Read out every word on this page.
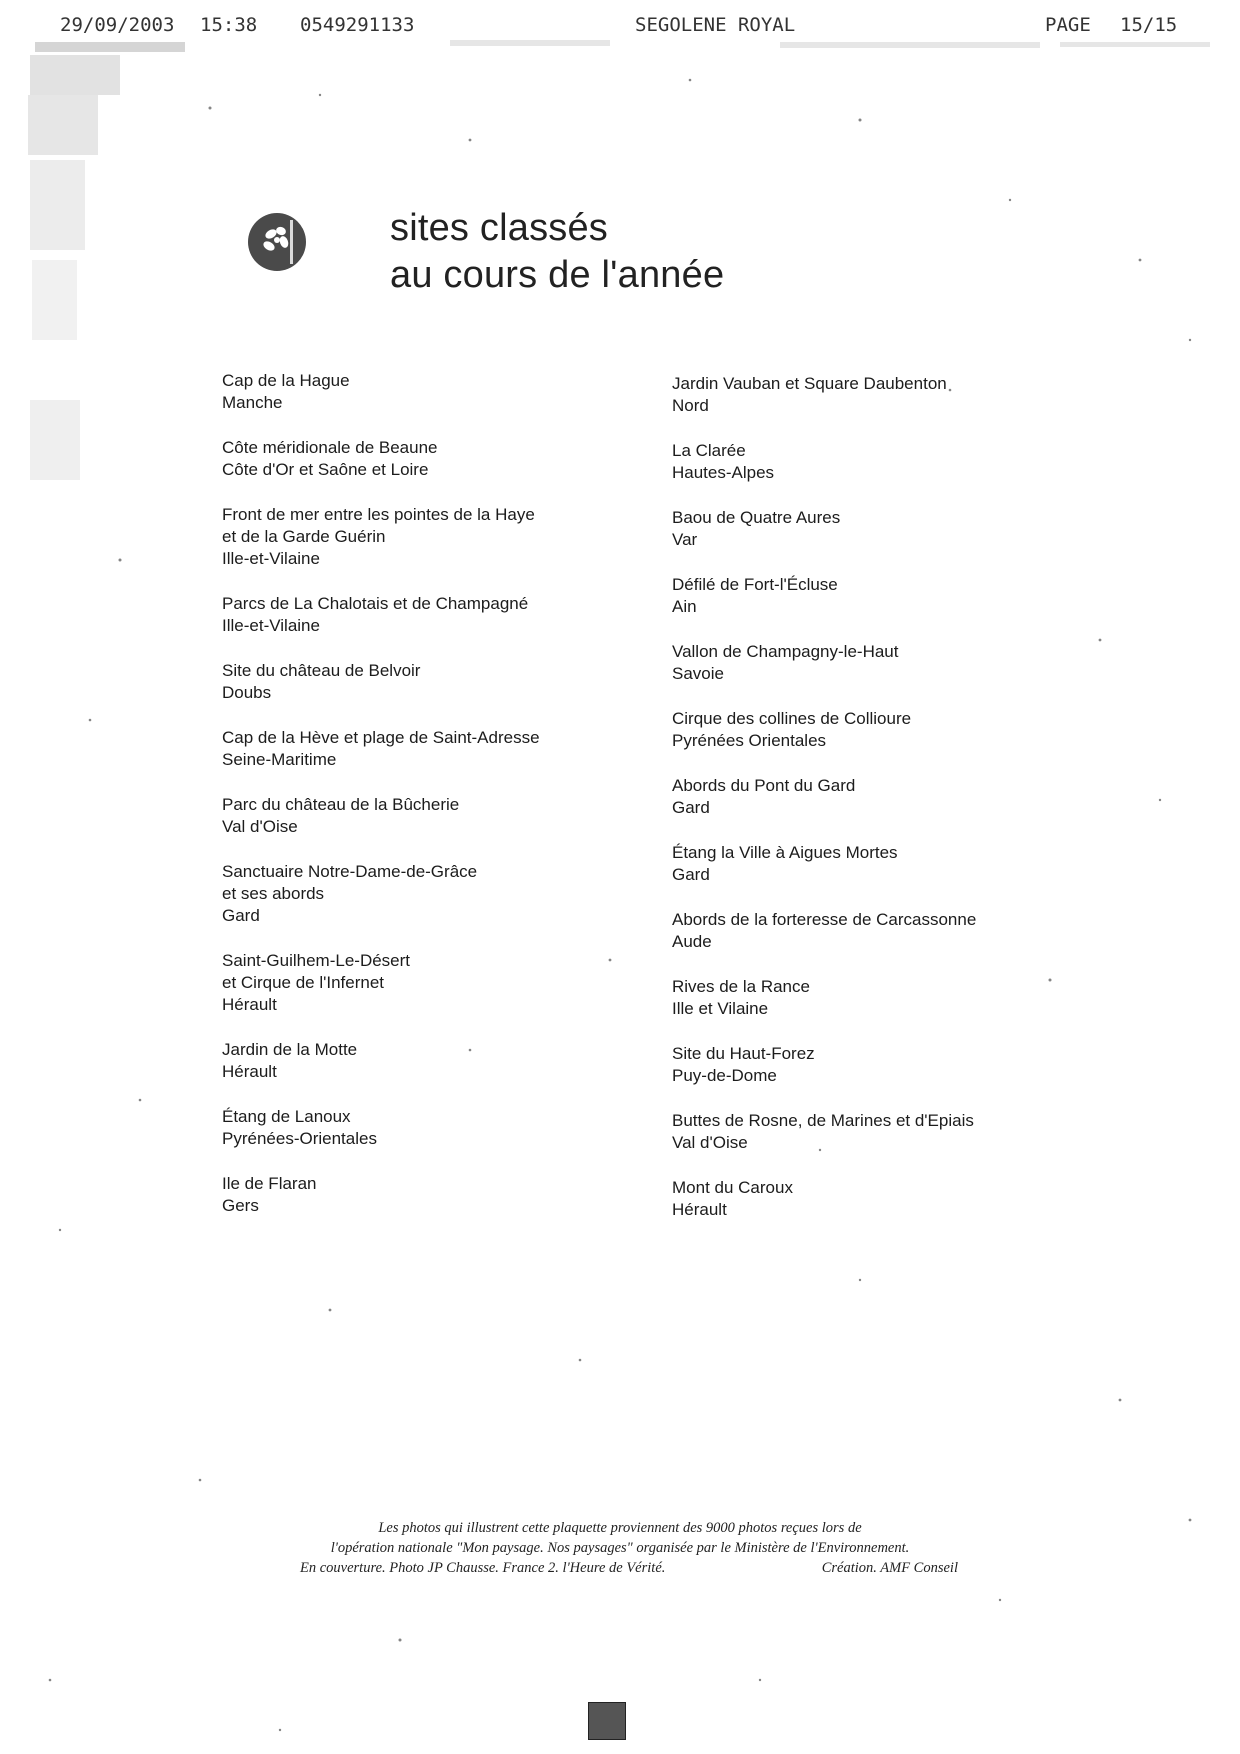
29/09/2003 15:38 0549291133	SEGOLENE ROYAL	PAGE 15/15
sites classés
au cours de l'année
Cap de la Hague
Manche
Côte méridionale de Beaune
Côte d'Or et Saône et Loire
Front de mer entre les pointes de la Haye
et de la Garde Guérin
Ille-et-Vilaine
Parcs de La Chalotais et de Champagné
Ille-et-Vilaine
Site du château de Belvoir
Doubs
Cap de la Hève et plage de Saint-Adresse
Seine-Maritime
Parc du château de la Bûcherie
Val d'Oise
Sanctuaire Notre-Dame-de-Grâce
et ses abords
Gard
Saint-Guilhem-Le-Désert
et Cirque de l'Infernet
Hérault
Jardin de la Motte
Hérault
Étang de Lanoux
Pyrénées-Orientales
Ile de Flaran
Gers
Jardin Vauban et Square Daubenton
Nord
La Clarée
Hautes-Alpes
Baou de Quatre Aures
Var
Défilé de Fort-l'Écluse
Ain
Vallon de Champagny-le-Haut
Savoie
Cirque des collines de Collioure
Pyrénées Orientales
Abords du Pont du Gard
Gard
Étang la Ville à Aigues Mortes
Gard
Abords de la forteresse de Carcassonne
Aude
Rives de la Rance
Ille et Vilaine
Site du Haut-Forez
Puy-de-Dome
Buttes de Rosne, de Marines et d'Epiais
Val d'Oise
Mont du Caroux
Hérault
Les photos qui illustrent cette plaquette proviennent des 9000 photos reçues lors de
l'opération nationale "Mon paysage. Nos paysages" organisée par le Ministère de l'Environnement.
En couverture. Photo JP Chausse. France 2. l'Heure de Vérité.	Création. AMF Conseil
